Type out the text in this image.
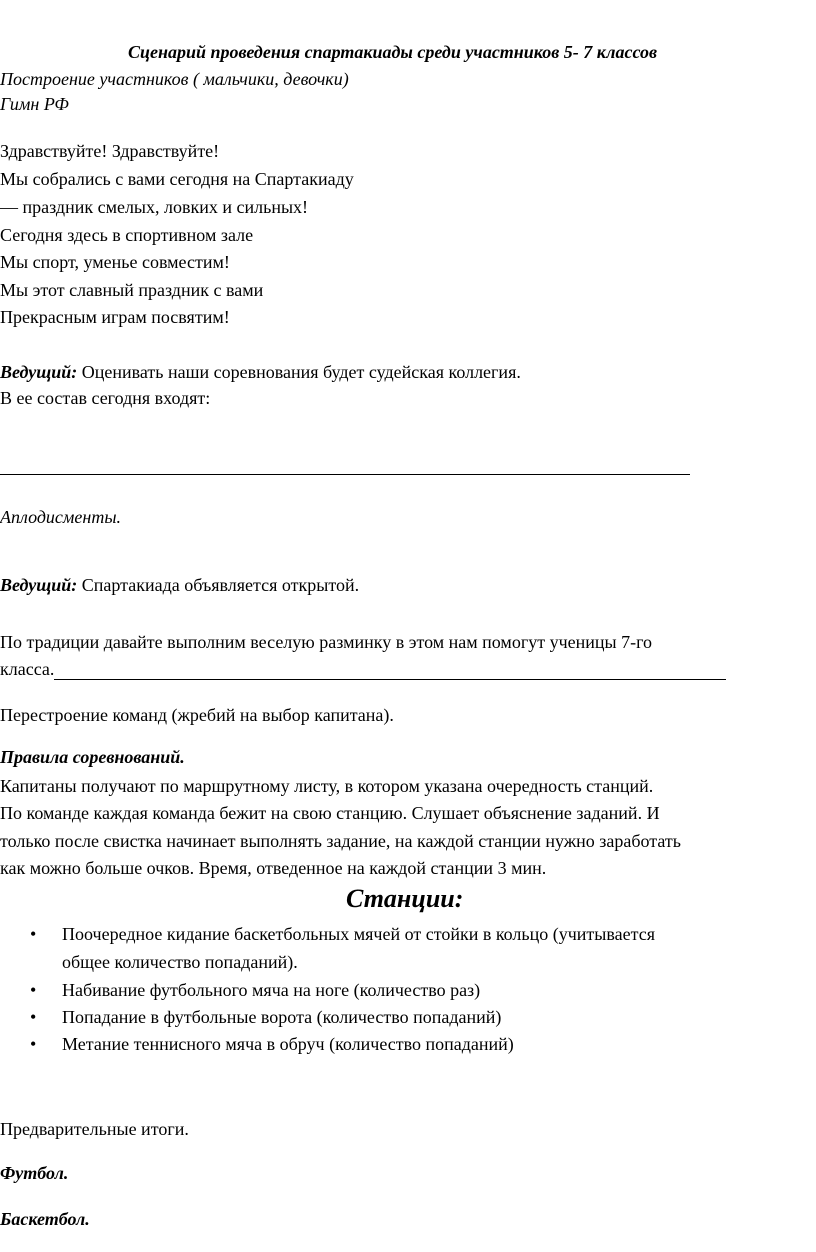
Сценарий проведения спартакиады среди участников 5- 7 классов
Построение участников ( мальчики, девочки)
Гимн РФ
Здравствуйте! Здравствуйте!
Мы собрались с вами сегодня на Спартакиаду
— праздник смелых, ловких и сильных!
Сегодня здесь в спортивном зале
Мы спорт, уменье совместим!
Мы этот славный праздник с вами
Прекрасным играм посвятим!
Ведущий: Оценивать наши соревнования будет судейская коллегия.
В ее состав сегодня входят:
Аплодисменты.
Ведущий: Спартакиада объявляется открытой.
По традиции давайте выполним веселую разминку в этом нам помогут ученицы 7-го
класса.
Перестроение команд (жребий на выбор капитана).
Правила соревнований.
Капитаны получают по маршрутному листу, в котором указана очередность станций.
По команде каждая команда бежит на свою станцию. Слушает объяснение заданий. И
только после свистка начинает выполнять задание, на каждой станции нужно заработать
как можно больше очков. Время, отведенное на каждой станции 3 мин.
Станции:
• Поочередное кидание баскетбольных мячей от стойки в кольцо (учитывается
общее количество попаданий).
• Набивание футбольного мяча на ноге (количество раз)
• Попадание в футбольные ворота (количество попаданий)
• Метание теннисного мяча в обруч (количество попаданий)
Предварительные итоги.
Футбол.
Баскетбол.
